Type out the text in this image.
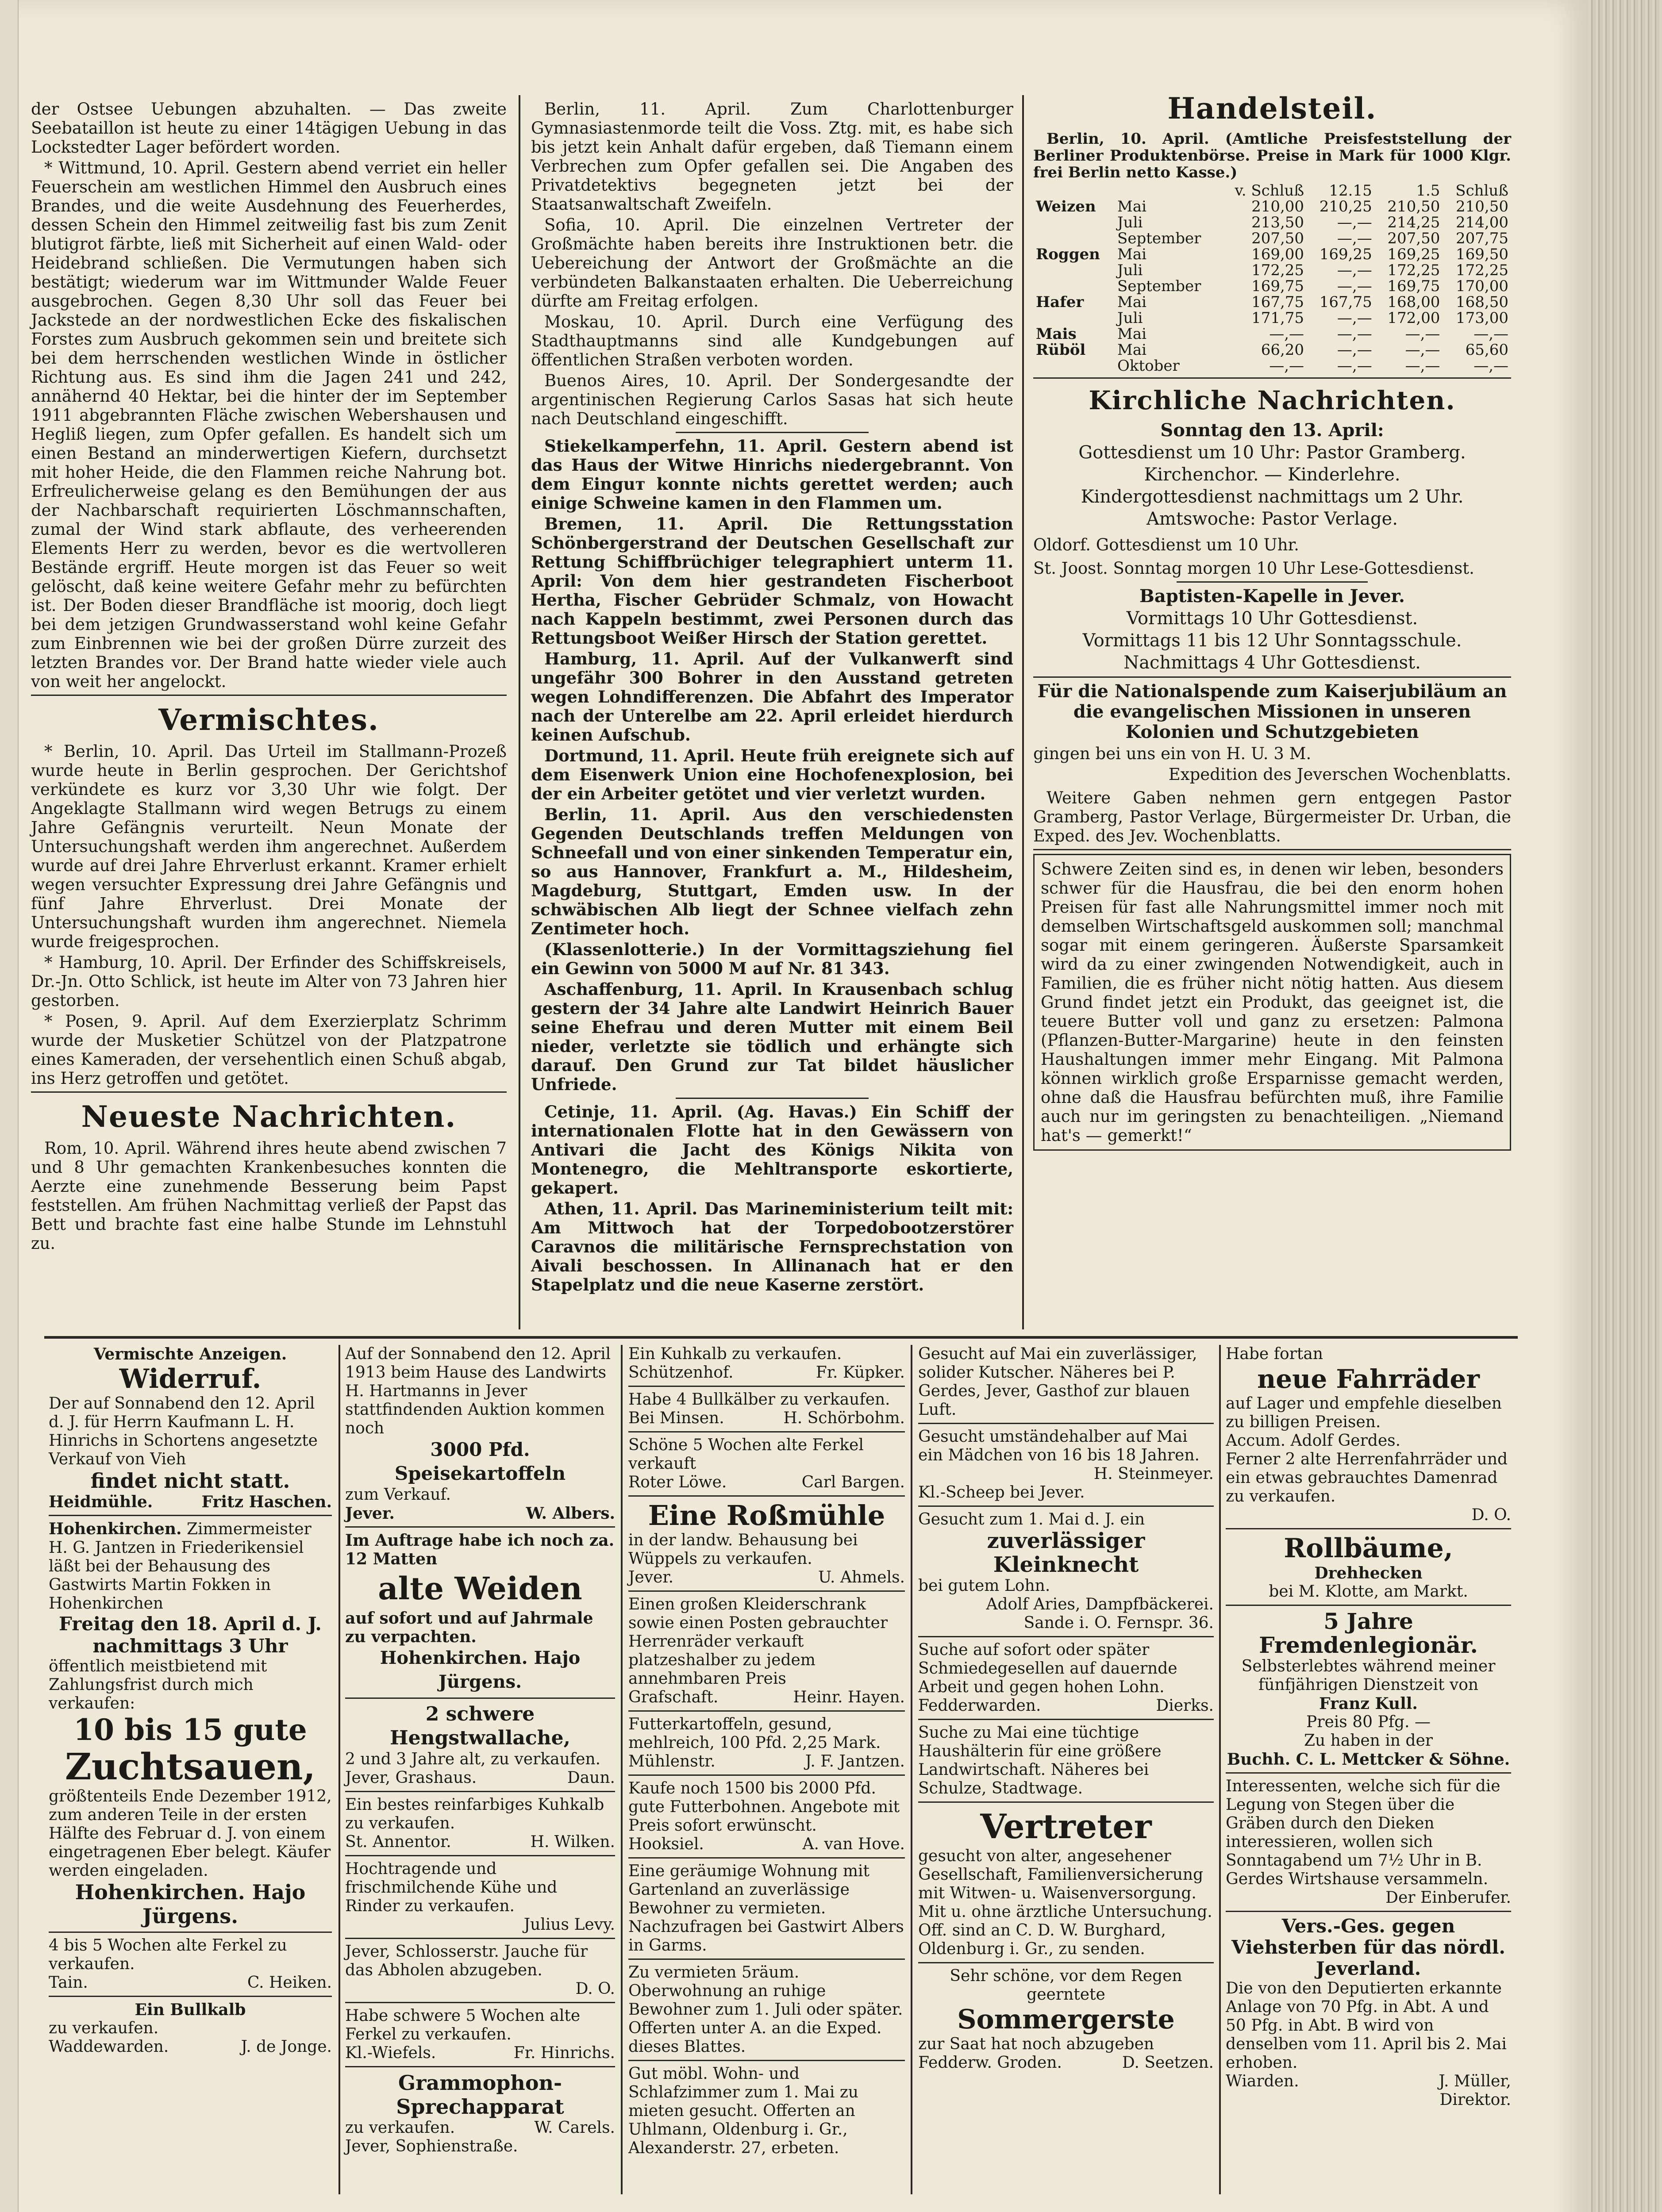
der Ostsee Uebungen abzuhalten. — Das zweite Seebataillon ist heute zu einer 14tägigen Uebung in das Lockstedter Lager befördert worden.

* Wittmund, 10. April. Gestern abend verriet ein heller Feuerschein am westlichen Himmel den Ausbruch eines Brandes, und die weite Ausdehnung des Feuerherdes, dessen Schein den Himmel zeitweilig fast bis zum Zenit blutigrot färbte, ließ mit Sicherheit auf einen Wald- oder Heidebrand schließen. Die Vermutungen haben sich bestätigt; wiederum war im Wittmunder Walde Feuer ausgebrochen. Gegen 8,30 Uhr soll das Feuer bei Jackstede an der nordwestlichen Ecke des fiskalischen Forstes zum Ausbruch gekommen sein und breitete sich bei dem herrschenden westlichen Winde in östlicher Richtung aus. Es sind ihm die Jagen 241 und 242, annähernd 40 Hektar, bei die hinter der im September 1911 abgebrannten Fläche zwischen Webershausen und Hegliß liegen, zum Opfer gefallen. Es handelt sich um einen Bestand an minderwertigen Kiefern, durchsetzt mit hoher Heide, die den Flammen reiche Nahrung bot. Erfreulicherweise gelang es den Bemühungen der aus der Nachbarschaft requirierten Löschmannschaften, zumal der Wind stark abflaute, des verheerenden Elements Herr zu werden, bevor es die wertvolleren Bestände ergriff. Heute morgen ist das Feuer so weit gelöscht, daß keine weitere Gefahr mehr zu befürchten ist. Der Boden dieser Brandfläche ist moorig, doch liegt bei dem jetzigen Grundwasserstand wohl keine Gefahr zum Einbrennen wie bei der großen Dürre zurzeit des letzten Brandes vor. Der Brand hatte wieder viele auch von weit her angelockt.

Vermischtes.

* Berlin, 10. April. Das Urteil im Stallmann-Prozeß wurde heute in Berlin gesprochen. Der Gerichtshof verkündete es kurz vor 3,30 Uhr wie folgt. Der Angeklagte Stallmann wird wegen Betrugs zu einem Jahre Gefängnis verurteilt. Neun Monate der Untersuchungshaft werden ihm angerechnet. Außerdem wurde auf drei Jahre Ehrverlust erkannt. Kramer erhielt wegen versuchter Expressung drei Jahre Gefängnis und fünf Jahre Ehrverlust. Drei Monate der Untersuchungshaft wurden ihm angerechnet. Niemela wurde freigesprochen.

* Hamburg, 10. April. Der Erfinder des Schiffskreisels, Dr.-Jn. Otto Schlick, ist heute im Alter von 73 Jahren hier gestorben.

* Posen, 9. April. Auf dem Exerzierplatz Schrimm wurde der Musketier Schützel von der Platzpatrone eines Kameraden, der versehentlich einen Schuß abgab, ins Herz getroffen und getötet.

Neueste Nachrichten.

Rom, 10. April. Während ihres heute abend zwischen 7 und 8 Uhr gemachten Krankenbesuches konnten die Aerzte eine zunehmende Besserung beim Papst feststellen. Am frühen Nachmittag verließ der Papst das Bett und brachte fast eine halbe Stunde im Lehnstuhl zu.

Berlin, 11. April. Zum Charlottenburger Gymnasiastenmorde teilt die Voss. Ztg. mit, es habe sich bis jetzt kein Anhalt dafür ergeben, daß Tiemann einem Verbrechen zum Opfer gefallen sei. Die Angaben des Privatdetektivs begegneten jetzt bei der Staatsanwaltschaft Zweifeln.

Sofia, 10. April. Die einzelnen Vertreter der Großmächte haben bereits ihre Instruktionen betr. die Uebereichung der Antwort der Großmächte an die verbündeten Balkanstaaten erhalten. Die Ueberreichung dürfte am Freitag erfolgen.

Moskau, 10. April. Durch eine Verfügung des Stadthauptmanns sind alle Kundgebungen auf öffentlichen Straßen verboten worden.

Buenos Aires, 10. April. Der Sondergesandte der argentinischen Regierung Carlos Sasas hat sich heute nach Deutschland eingeschifft.

Stiekelkamperfehn, 11. April. Gestern abend ist das Haus der Witwe Hinrichs niedergebrannt. Von dem Einguт konnte nichts gerettet werden; auch einige Schweine kamen in den Flammen um.

Bremen, 11. April. Die Rettungsstation Schönbergerstrand der Deutschen Gesellschaft zur Rettung Schiffbrüchiger telegraphiert unterm 11. April: Von dem hier gestrandeten Fischerboot Hertha, Fischer Gebrüder Schmalz, von Howacht nach Kappeln bestimmt, zwei Personen durch das Rettungsboot Weißer Hirsch der Station gerettet.

Hamburg, 11. April. Auf der Vulkanwerft sind ungefähr 300 Bohrer in den Ausstand getreten wegen Lohndifferenzen. Die Abfahrt des Imperator nach der Unterelbe am 22. April erleidet hierdurch keinen Aufschub.

Dortmund, 11. April. Heute früh ereignete sich auf dem Eisenwerk Union eine Hochofenexplosion, bei der ein Arbeiter getötet und vier verletzt wurden.

Berlin, 11. April. Aus den verschiedensten Gegenden Deutschlands treffen Meldungen von Schneefall und von einer sinkenden Temperatur ein, so aus Hannover, Frankfurt a. M., Hildesheim, Magdeburg, Stuttgart, Emden usw. In der schwäbischen Alb liegt der Schnee vielfach zehn Zentimeter hoch.

(Klassenlotterie.) In der Vormittagsziehung fiel ein Gewinn von 5000 M auf Nr. 81 343.

Aschaffenburg, 11. April. In Krausenbach schlug gestern der 34 Jahre alte Landwirt Heinrich Bauer seine Ehefrau und deren Mutter mit einem Beil nieder, verletzte sie tödlich und erhängte sich darauf. Den Grund zur Tat bildet häuslicher Unfriede.

Cetinje, 11. April. (Ag. Havas.) Ein Schiff der internationalen Flotte hat in den Gewässern von Antivari die Jacht des Königs Nikita von Montenegro, die Mehltransporte eskortierte, gekapert.

Athen, 11. April. Das Marineministerium teilt mit: Am Mittwoch hat der Torpedobootzerstörer Caravnos die militärische Fernsprechstation von Aivali beschossen. In Allinanach hat er den Stapelplatz und die neue Kaserne zerstört.

Handelsteil.

Berlin, 10. April. (Amtliche Preisfeststellung der Berliner Produktenbörse. Preise in Mark für 1000 Klgr. frei Berlin netto Kasse.)

		v. Schluß	12.15	1.5	Schluß
Weizen	Mai	210,00	210,25	210,50	210,50
	Juli	213,50	—,—	214,25	214,00
	September	207,50	—,—	207,50	207,75
Roggen	Mai	169,00	169,25	169,25	169,50
	Juli	172,25	—,—	172,25	172,25
	September	169,75	—,—	169,75	170,00
Hafer	Mai	167,75	167,75	168,00	168,50
	Juli	171,75	—,—	172,00	173,00
Mais	Mai	—,—	—,—	—,—	—,—
Rüböl	Mai	66,20	—,—	—,—	65,60
	Oktober	—,—	—,—	—,—	—,—
Kirchliche Nachrichten.
Sonntag den 13. April:
Gottesdienst um 10 Uhr: Pastor Gramberg.
Kirchenchor. — Kinderlehre.
Kindergottesdienst nachmittags um 2 Uhr.
Amtswoche: Pastor Verlage.

Oldorf. Gottesdienst um 10 Uhr.

St. Joost. Sonntag morgen 10 Uhr Lese-Gottesdienst.

Baptisten-Kapelle in Jever.
Vormittags 10 Uhr Gottesdienst.
Vormittags 11 bis 12 Uhr Sonntagsschule.
Nachmittags 4 Uhr Gottesdienst.
Für die Nationalspende zum Kaiserjubiläum an die evangelischen Missionen in unseren Kolonien und Schutzgebieten

gingen bei uns ein von H. U. 3 M.

Expedition des Jeverschen Wochenblatts.

Weitere Gaben nehmen gern entgegen Pastor Gramberg, Pastor Verlage, Bürgermeister Dr. Urban, die Exped. des Jev. Wochenblatts.

Schwere Zeiten sind es, in denen wir leben, besonders schwer für die Hausfrau, die bei den enorm hohen Preisen für fast alle Nahrungsmittel immer noch mit demselben Wirtschaftsgeld auskommen soll; manchmal sogar mit einem geringeren. Äußerste Sparsamkeit wird da zu einer zwingenden Notwendigkeit, auch in Familien, die es früher nicht nötig hatten. Aus diesem Grund findet jetzt ein Produkt, das geeignet ist, die teuere Butter voll und ganz zu ersetzen: Palmona (Pflanzen-Butter-Margarine) heute in den feinsten Haushaltungen immer mehr Eingang. Mit Palmona können wirklich große Ersparnisse gemacht werden, ohne daß die Hausfrau befürchten muß, ihre Familie auch nur im geringsten zu benachteiligen. „Niemand hat's — gemerkt!“

Vermischte Anzeigen.

Widerruf.

Der auf Sonnabend den 12. April d. J. für Herrn Kaufmann L. H. Hinrichs in Schortens angesetzte Verkauf von Vieh

findet nicht statt.

Heidmühle.	Fritz Haschen.

Hohenkirchen. Zimmermeister H. G. Jantzen in Friederikensiel läßt bei der Behausung des Gastwirts Martin Fokken in Hohenkirchen

Freitag den 18. April d. J. nachmittags 3 Uhr

öffentlich meistbietend mit Zahlungsfrist durch mich verkaufen:

10 bis 15 gute

Zuchtsauen,

größtenteils Ende Dezember 1912, zum anderen Teile in der ersten Hälfte des Februar d. J. von einem eingetragenen Eber belegt. Käufer werden eingeladen.

Hohenkirchen. Hajo Jürgens.

4 bis 5 Wochen alte Ferkel zu verkaufen.

Tain.	C. Heiken.

Ein Bullkalb

zu verkaufen.

Waddewarden.	J. de Jonge.

Auf der Sonnabend den 12. April 1913 beim Hause des Landwirts H. Hartmanns in Jever stattfindenden Auktion kommen noch

3000 Pfd. Speisekartoffeln

zum Verkauf.

Jever.	W. Albers.

Im Auftrage habe ich noch za. 12 Matten

alte Weiden

auf sofort und auf Jahrmale zu verpachten.

Hohenkirchen. Hajo Jürgens.

2 schwere Hengstwallache,

2 und 3 Jahre alt, zu verkaufen.

Jever, Grashaus.	Daun.

Ein bestes reinfarbiges Kuhkalb zu verkaufen.

St. Annentor.	H. Wilken.

Hochtragende und frischmilchende Kühe und Rinder zu verkaufen.

Julius Levy.

Jever, Schlosserstr. Jauche für das Abholen abzugeben.

D. O.

Habe schwere 5 Wochen alte Ferkel zu verkaufen.

Kl.-Wiefels.	Fr. Hinrichs.

Grammophon-Sprechapparat

zu verkaufen.	W. Carels.

Jever, Sophienstraße.

Ein Kuhkalb zu verkaufen.

Schützenhof.	Fr. Küpker.

Habe 4 Bullkälber zu verkaufen.

Bei Minsen.	H. Schörbohm.

Schöne 5 Wochen alte Ferkel verkauft

Roter Löwe.	Carl Bargen.

Eine Roßmühle

in der landw. Behausung bei Wüppels zu verkaufen.

Jever.	U. Ahmels.

Einen großen Kleiderschrank sowie einen Posten gebrauchter Herrenräder verkauft platzeshalber zu jedem annehmbaren Preis

Grafschaft.	Heinr. Hayen.

Futterkartoffeln, gesund, mehlreich, 100 Pfd. 2,25 Mark.

Mühlenstr.	J. F. Jantzen.

Kaufe noch 1500 bis 2000 Pfd. gute Futterbohnen. Angebote mit Preis sofort erwünscht.

Hooksiel.	A. van Hove.

Eine geräumige Wohnung mit Gartenland an zuverlässige Bewohner zu vermieten. Nachzufragen bei Gastwirt Albers in Garms.

Zu vermieten 5räum. Oberwohnung an ruhige Bewohner zum 1. Juli oder später. Offerten unter A. an die Exped. dieses Blattes.

Gut möbl. Wohn- und Schlafzimmer zum 1. Mai zu mieten gesucht. Offerten an Uhlmann, Oldenburg i. Gr., Alexanderstr. 27, erbeten.

Gesucht auf Mai ein zuverlässiger, solider Kutscher. Näheres bei P. Gerdes, Jever, Gasthof zur blauen Luft.

Gesucht umständehalber auf Mai ein Mädchen von 16 bis 18 Jahren.

H. Steinmeyer.

Kl.-Scheep bei Jever.

Gesucht zum 1. Mai d. J. ein

zuverlässiger Kleinknecht

bei gutem Lohn.

Adolf Aries, Dampfbäckerei.

Sande i. O. Fernspr. 36.

Suche auf sofort oder später Schmiedegesellen auf dauernde Arbeit und gegen hohen Lohn.

Fedderwarden.	Dierks.

Suche zu Mai eine tüchtige Haushälterin für eine größere Landwirtschaft. Näheres bei Schulze, Stadtwage.

Vertreter

gesucht von alter, angesehener Gesellschaft, Familienversicherung mit Witwen- u. Waisenversorgung. Mit u. ohne ärztliche Untersuchung. Off. sind an C. D. W. Burghard, Oldenburg i. Gr., zu senden.

Sehr schöne, vor dem Regen geerntete

Sommergerste

zur Saat hat noch abzugeben

Fedderw. Groden.	D. Seetzen.

Habe fortan

neue Fahrräder

auf Lager und empfehle dieselben zu billigen Preisen.

Accum. Adolf Gerdes.

Ferner 2 alte Herrenfahrräder und ein etwas gebrauchtes Damenrad zu verkaufen.

D. O.

Rollbäume,

Drehhecken

bei M. Klotte, am Markt.

5 Jahre Fremdenlegionär.

Selbsterlebtes während meiner fünfjährigen Dienstzeit von

Franz Kull.

Preis 80 Pfg. —

Zu haben in der

Buchh. C. L. Mettcker & Söhne.

Interessenten, welche sich für die Legung von Stegen über die Gräben durch den Dieken interessieren, wollen sich Sonntagabend um 7½ Uhr in B. Gerdes Wirtshause versammeln.

Der Einberufer.

Vers.-Ges. gegen Viehsterben für das nördl. Jeverland.

Die von den Deputierten erkannte Anlage von 70 Pfg. in Abt. A und 50 Pfg. in Abt. B wird von denselben vom 11. April bis 2. Mai erhoben.

Wiarden.	J. Müller,

Direktor.
